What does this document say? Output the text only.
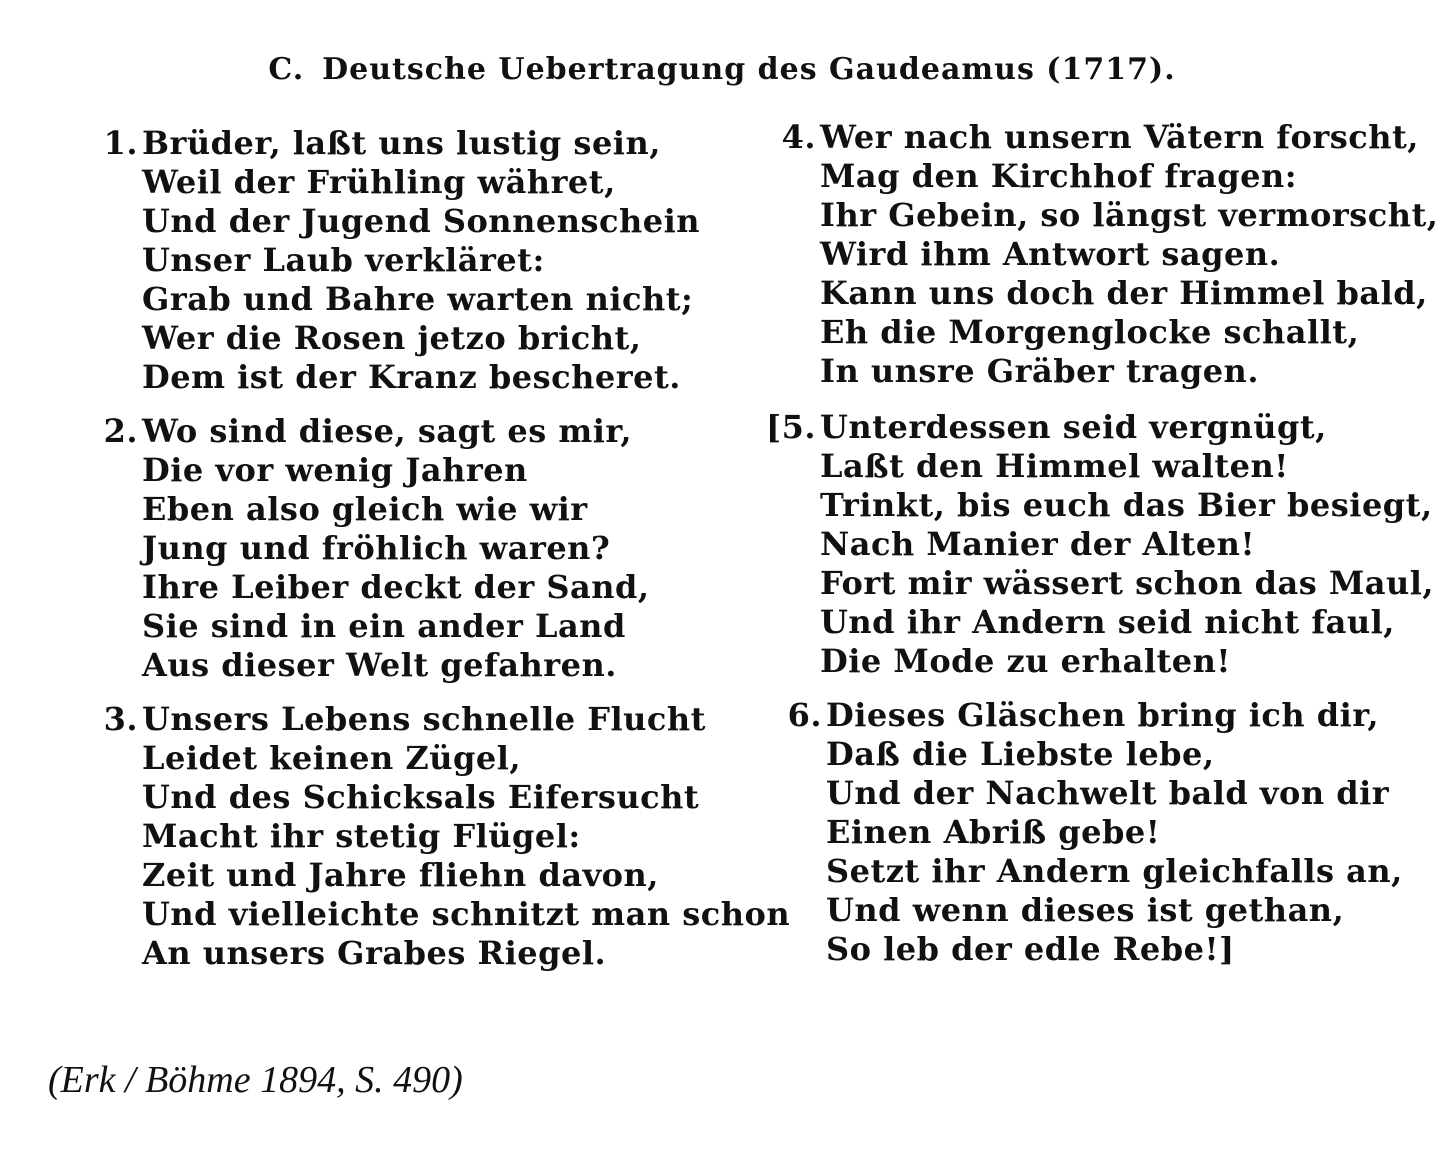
C. Deutsche Uebertragung des Gaudeamus (1717).
1. Brüder, laßt uns lustig sein,
Weil der Frühling währet,
Und der Jugend Sonnenschein
Unser Laub verkläret:
Grab und Bahre warten nicht;
Wer die Rosen jetzo bricht,
Dem ist der Kranz bescheret.
2. Wo sind diese, sagt es mir,
Die vor wenig Jahren
Eben also gleich wie wir
Jung und fröhlich waren?
Ihre Leiber deckt der Sand,
Sie sind in ein ander Land
Aus dieser Welt gefahren.
3. Unsers Lebens schnelle Flucht
Leidet keinen Zügel,
Und des Schicksals Eifersucht
Macht ihr stetig Flügel:
Zeit und Jahre fliehn davon,
Und vielleichte schnitzt man schon
An unsers Grabes Riegel.
4. Wer nach unsern Vätern forscht,
Mag den Kirchhof fragen:
Ihr Gebein, so längst vermorscht,
Wird ihm Antwort sagen.
Kann uns doch der Himmel bald,
Eh die Morgenglocke schallt,
In unsre Gräber tragen.
[5. Unterdessen seid vergnügt,
Laßt den Himmel walten!
Trinkt, bis euch das Bier besiegt,
Nach Manier der Alten!
Fort mir wässert schon das Maul,
Und ihr Andern seid nicht faul,
Die Mode zu erhalten!
6. Dieses Gläschen bring ich dir,
Daß die Liebste lebe,
Und der Nachwelt bald von dir
Einen Abriß gebe!
Setzt ihr Andern gleichfalls an,
Und wenn dieses ist gethan,
So leb der edle Rebe!]
(Erk / Böhme 1894, S. 490)
